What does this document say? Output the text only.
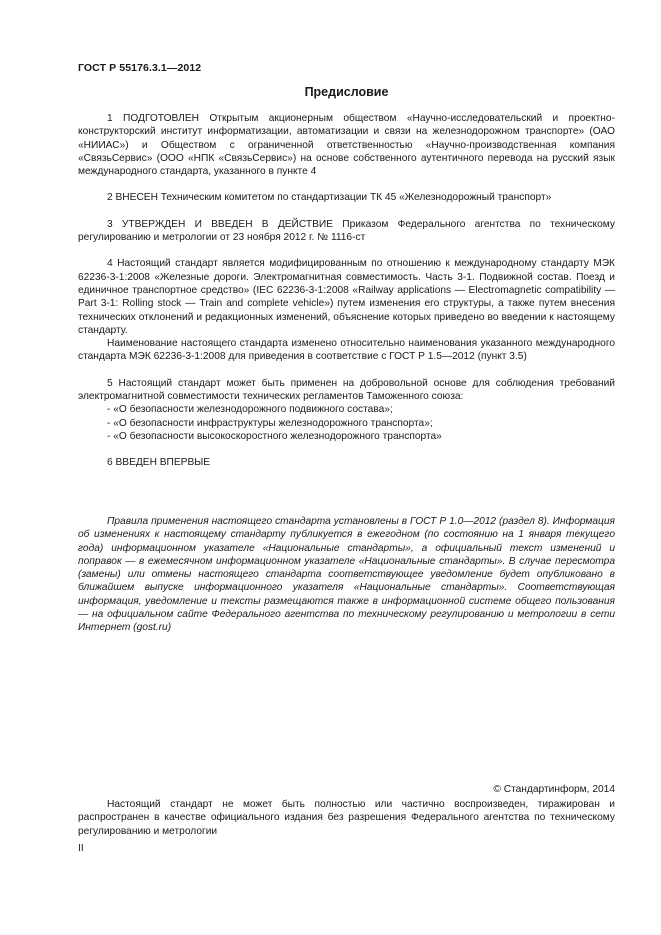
ГОСТ Р 55176.3.1—2012
Предисловие

1 ПОДГОТОВЛЕН Открытым акционерным обществом «Научно-исследовательский и проектно-конструкторский институт информатизации, автоматизации и связи на железнодорожном транспорте» (ОАО «НИИАС») и Обществом с ограниченной ответственностью «Научно-производственная компания «СвязьСервис» (ООО «НПК «СвязьСервис») на основе собственного аутентичного перевода на русский язык международного стандарта, указанного в пункте 4

2 ВНЕСЕН Техническим комитетом по стандартизации ТК 45 «Железнодорожный транспорт»

3 УТВЕРЖДЕН И ВВЕДЕН В ДЕЙСТВИЕ Приказом Федерального агентства по техническому регулированию и метрологии от 23 ноября 2012 г. № 1116-ст

4 Настоящий стандарт является модифицированным по отношению к международному стандарту МЭК 62236-3-1:2008 «Железные дороги. Электромагнитная совместимость. Часть 3-1. Подвижной состав. Поезд и единичное транспортное средство» (IEC 62236-3-1:2008 «Railway applications — Electromagnetic compatibility — Part 3-1: Rolling stock — Train and complete vehicle») путем изменения его структуры, а также путем внесения технических отклонений и редакционных изменений, объяснение которых приведено во введении к настоящему стандарту.

Наименование настоящего стандарта изменено относительно наименования указанного международного стандарта МЭК 62236-3-1:2008 для приведения в соответствие с ГОСТ Р 1.5—2012 (пункт 3.5)

5 Настоящий стандарт может быть применен на добровольной основе для соблюдения требований электромагнитной совместимости технических регламентов Таможенного союза:

- «О безопасности железнодорожного подвижного состава»;
- «О безопасности инфраструктуры железнодорожного транспорта»;
- «О безопасности высокоскоростного железнодорожного транспорта»

6 ВВЕДЕН ВПЕРВЫЕ

Правила применения настоящего стандарта установлены в ГОСТ Р 1.0—2012 (раздел 8). Информация об изменениях к настоящему стандарту публикуется в ежегодном (по состоянию на 1 января текущего года) информационном указателе «Национальные стандарты», а официальный текст изменений и поправок — в ежемесячном информационном указателе «Национальные стандарты». В случае пересмотра (замены) или отмены настоящего стандарта соответствующее уведомление будет опубликовано в ближайшем выпуске информационного указателя «Национальные стандарты». Соответствующая информация, уведомление и тексты размещаются также в информационной системе общего пользования — на официальном сайте Федерального агентства по техническому регулированию и метрологии в сети Интернет (gost.ru)

© Стандартинформ, 2014

Настоящий стандарт не может быть полностью или частично воспроизведен, тиражирован и распространен в качестве официального издания без разрешения Федерального агентства по техническому регулированию и метрологии

II
